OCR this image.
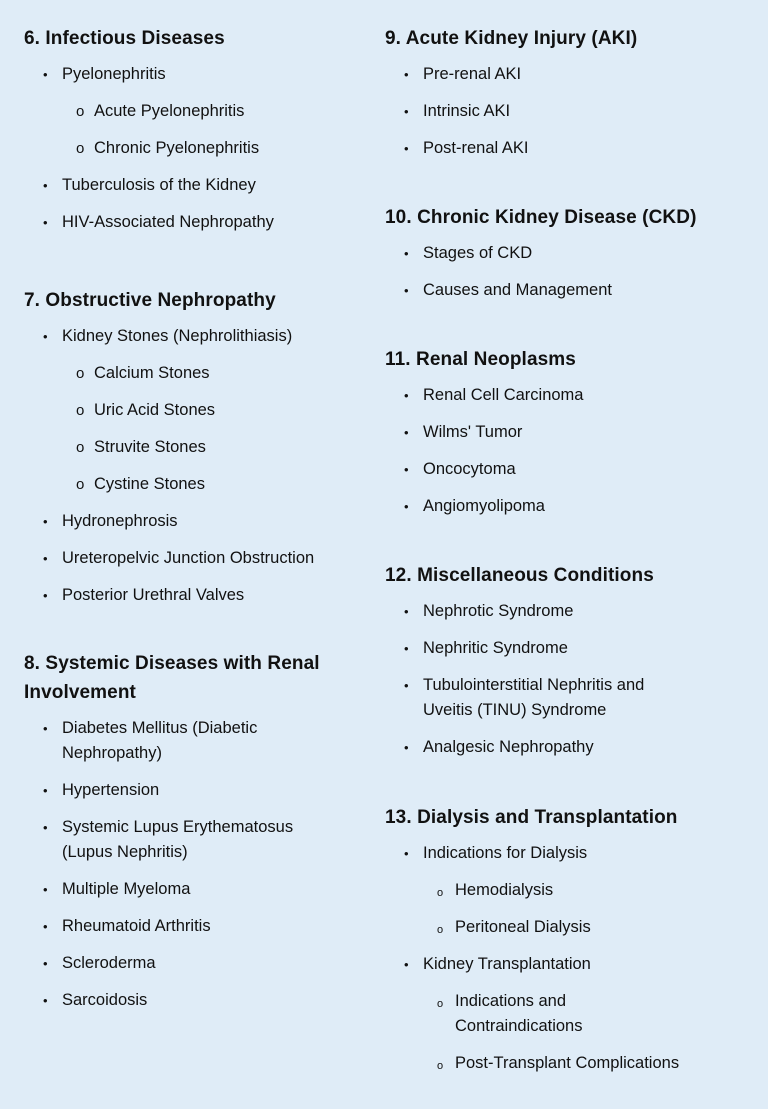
6. Infectious Diseases
• Pyelonephritis
o Acute Pyelonephritis
o Chronic Pyelonephritis
• Tuberculosis of the Kidney
• HIV-Associated Nephropathy
7. Obstructive Nephropathy
• Kidney Stones (Nephrolithiasis)
o Calcium Stones
o Uric Acid Stones
o Struvite Stones
o Cystine Stones
• Hydronephrosis
• Ureteropelvic Junction Obstruction
• Posterior Urethral Valves
8. Systemic Diseases with Renal
Involvement
• Diabetes Mellitus (Diabetic
Nephropathy)
• Hypertension
• Systemic Lupus Erythematosus
(Lupus Nephritis)
• Multiple Myeloma
• Rheumatoid Arthritis
• Scleroderma
• Sarcoidosis
9. Acute Kidney Injury (AKI)
• Pre-renal AKI
• Intrinsic AKI
• Post-renal AKI
10. Chronic Kidney Disease (CKD)
• Stages of CKD
• Causes and Management
11. Renal Neoplasms
• Renal Cell Carcinoma
• Wilms' Tumor
• Oncocytoma
• Angiomyolipoma
12. Miscellaneous Conditions
• Nephrotic Syndrome
• Nephritic Syndrome
• Tubulointerstitial Nephritis and
Uveitis (TINU) Syndrome
• Analgesic Nephropathy
13. Dialysis and Transplantation
• Indications for Dialysis
o Hemodialysis
o Peritoneal Dialysis
• Kidney Transplantation
o Indications and
Contraindications
o Post-Transplant Complications
